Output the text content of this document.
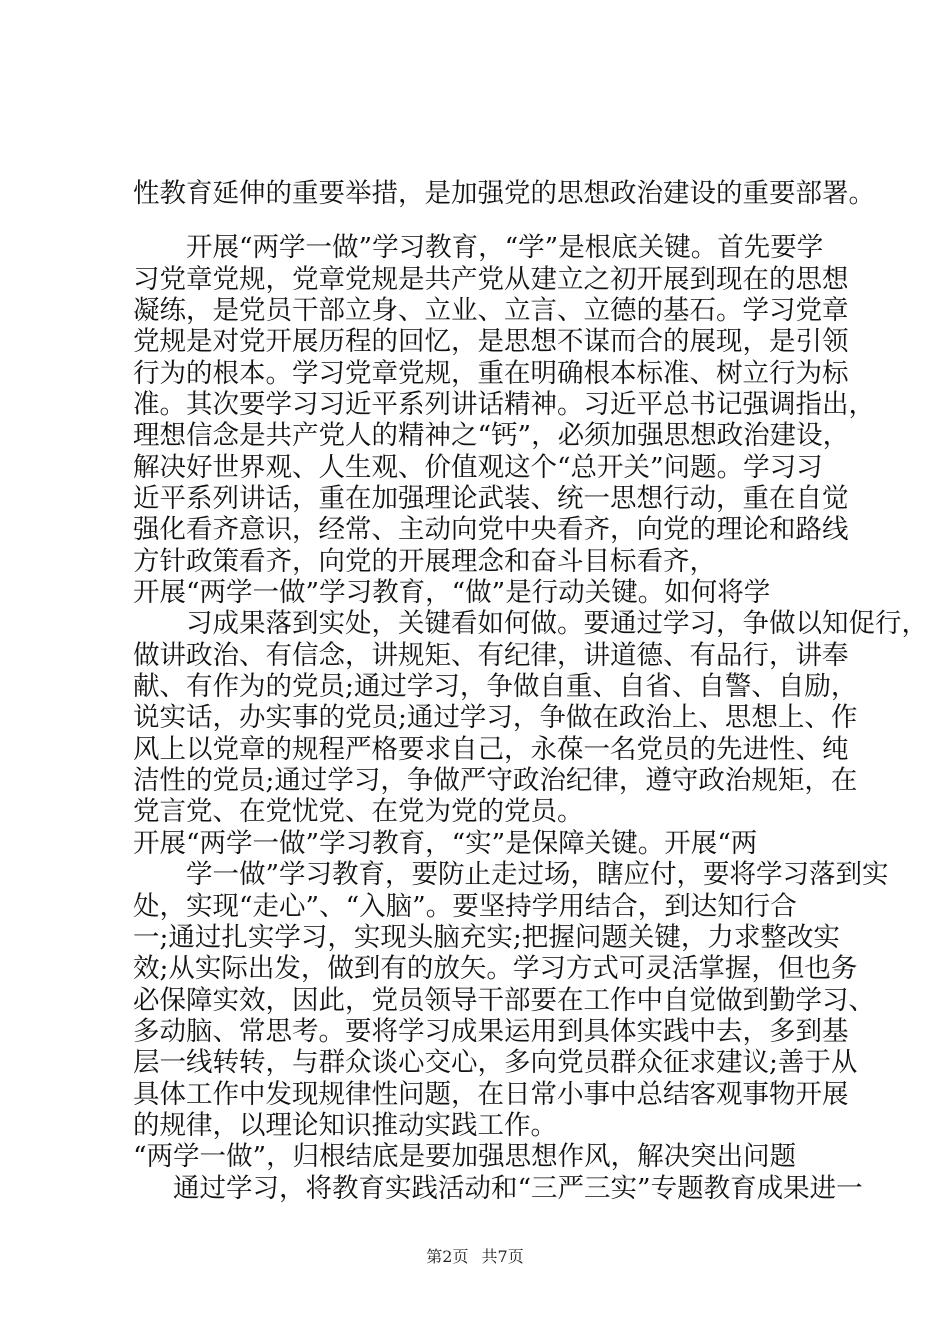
性教育延伸的重要举措，是加强党的思想政治建设的重要部署。
开展“两学一做”学习教育，“学”是根底关键。首先要学
习党章党规，党章党规是共产党从建立之初开展到现在的思想
凝练，是党员干部立身、立业、立言、立德的基石。学习党章
党规是对党开展历程的回忆，是思想不谋而合的展现，是引领
行为的根本。学习党章党规，重在明确根本标准、树立行为标
准。其次要学习习近平系列讲话精神。习近平总书记强调指出，
理想信念是共产党人的精神之“钙”，必须加强思想政治建设，
解决好世界观、人生观、价值观这个“总开关”问题。学习习
近平系列讲话，重在加强理论武装、统一思想行动，重在自觉
强化看齐意识，经常、主动向党中央看齐，向党的理论和路线
方针政策看齐，向党的开展理念和奋斗目标看齐，
开展“两学一做”学习教育，“做”是行动关键。如何将学
习成果落到实处，关键看如何做。要通过学习，争做以知促行，
做讲政治、有信念，讲规矩、有纪律，讲道德、有品行，讲奉
献、有作为的党员;通过学习，争做自重、自省、自警、自励，
说实话，办实事的党员;通过学习，争做在政治上、思想上、作
风上以党章的规程严格要求自己，永葆一名党员的先进性、纯
洁性的党员;通过学习，争做严守政治纪律，遵守政治规矩，在
党言党、在党忧党、在党为党的党员。
开展“两学一做”学习教育，“实”是保障关键。开展“两
学一做”学习教育，要防止走过场，瞎应付，要将学习落到实
处，实现“走心”、“入脑”。要坚持学用结合，到达知行合
一;通过扎实学习，实现头脑充实;把握问题关键，力求整改实
效;从实际出发，做到有的放矢。学习方式可灵活掌握，但也务
必保障实效，因此，党员领导干部要在工作中自觉做到勤学习、
多动脑、常思考。要将学习成果运用到具体实践中去，多到基
层一线转转，与群众谈心交心，多向党员群众征求建议;善于从
具体工作中发现规律性问题，在日常小事中总结客观事物开展
的规律，以理论知识推动实践工作。
“两学一做”，归根结底是要加强思想作风，解决突出问题
通过学习，将教育实践活动和“三严三实”专题教育成果进一
第2页 共7页
